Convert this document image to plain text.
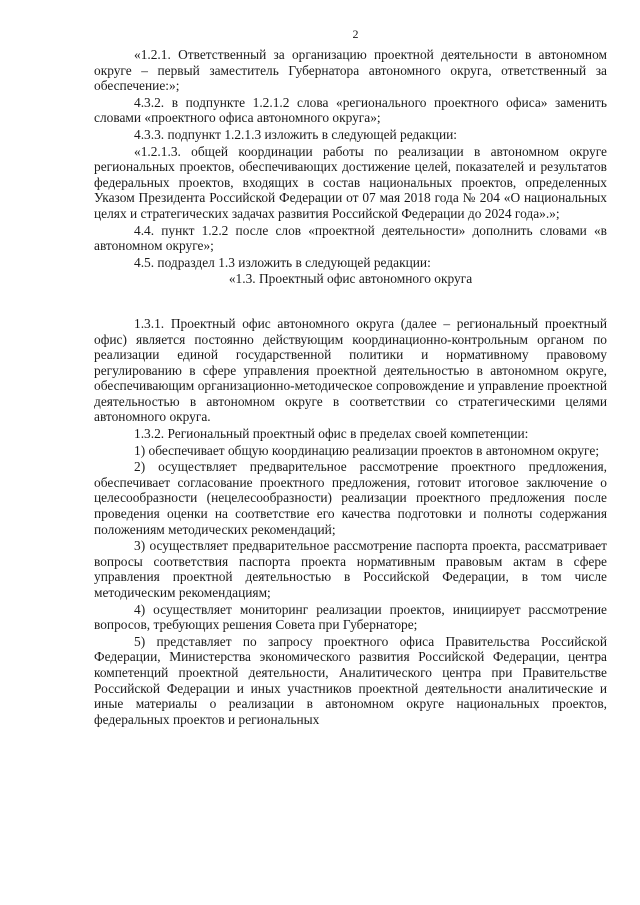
2

«1.2.1. Ответственный за организацию проектной деятельности в автономном округе – первый заместитель Губернатора автономного округа, ответственный за обеспечение:»;

4.3.2. в подпункте 1.2.1.2 слова «регионального проектного офиса» заменить словами «проектного офиса автономного округа»;

4.3.3. подпункт 1.2.1.3 изложить в следующей редакции:

«1.2.1.3. общей координации работы по реализации в автономном округе региональных проектов, обеспечивающих достижение целей, показателей и результатов федеральных проектов, входящих в состав национальных проектов, определенных Указом Президента Российской Федерации от 07 мая 2018 года № 204 «О национальных целях и стратегических задачах развития Российской Федерации до 2024 года».»;

4.4. пункт 1.2.2 после слов «проектной деятельности» дополнить словами «в автономном округе»;

4.5. подраздел 1.3 изложить в следующей редакции:

«1.3. Проектный офис автономного округа

1.3.1. Проектный офис автономного округа (далее – региональный проектный офис) является постоянно действующим координационно-контрольным органом по реализации единой государственной политики и нормативному правовому регулированию в сфере управления проектной деятельностью в автономном округе, обеспечивающим организационно-методическое сопровождение и управление проектной деятельностью в автономном округе в соответствии со стратегическими целями автономного округа.

1.3.2. Региональный проектный офис в пределах своей компетенции:

1) обеспечивает общую координацию реализации проектов в автономном округе;

2) осуществляет предварительное рассмотрение проектного предложения, обеспечивает согласование проектного предложения, готовит итоговое заключение о целесообразности (нецелесообразности) реализации проектного предложения после проведения оценки на соответствие его качества подготовки и полноты содержания положениям методических рекомендаций;

3) осуществляет предварительное рассмотрение паспорта проекта, рассматривает вопросы соответствия паспорта проекта нормативным правовым актам в сфере управления проектной деятельностью в Российской Федерации, в том числе методическим рекомендациям;

4) осуществляет мониторинг реализации проектов, инициирует рассмотрение вопросов, требующих решения Совета при Губернаторе;

5) представляет по запросу проектного офиса Правительства Российской Федерации, Министерства экономического развития Российской Федерации, центра компетенций проектной деятельности, Аналитического центра при Правительстве Российской Федерации и иных участников проектной деятельности аналитические и иные материалы о реализации в автономном округе национальных проектов, федеральных проектов и региональных
